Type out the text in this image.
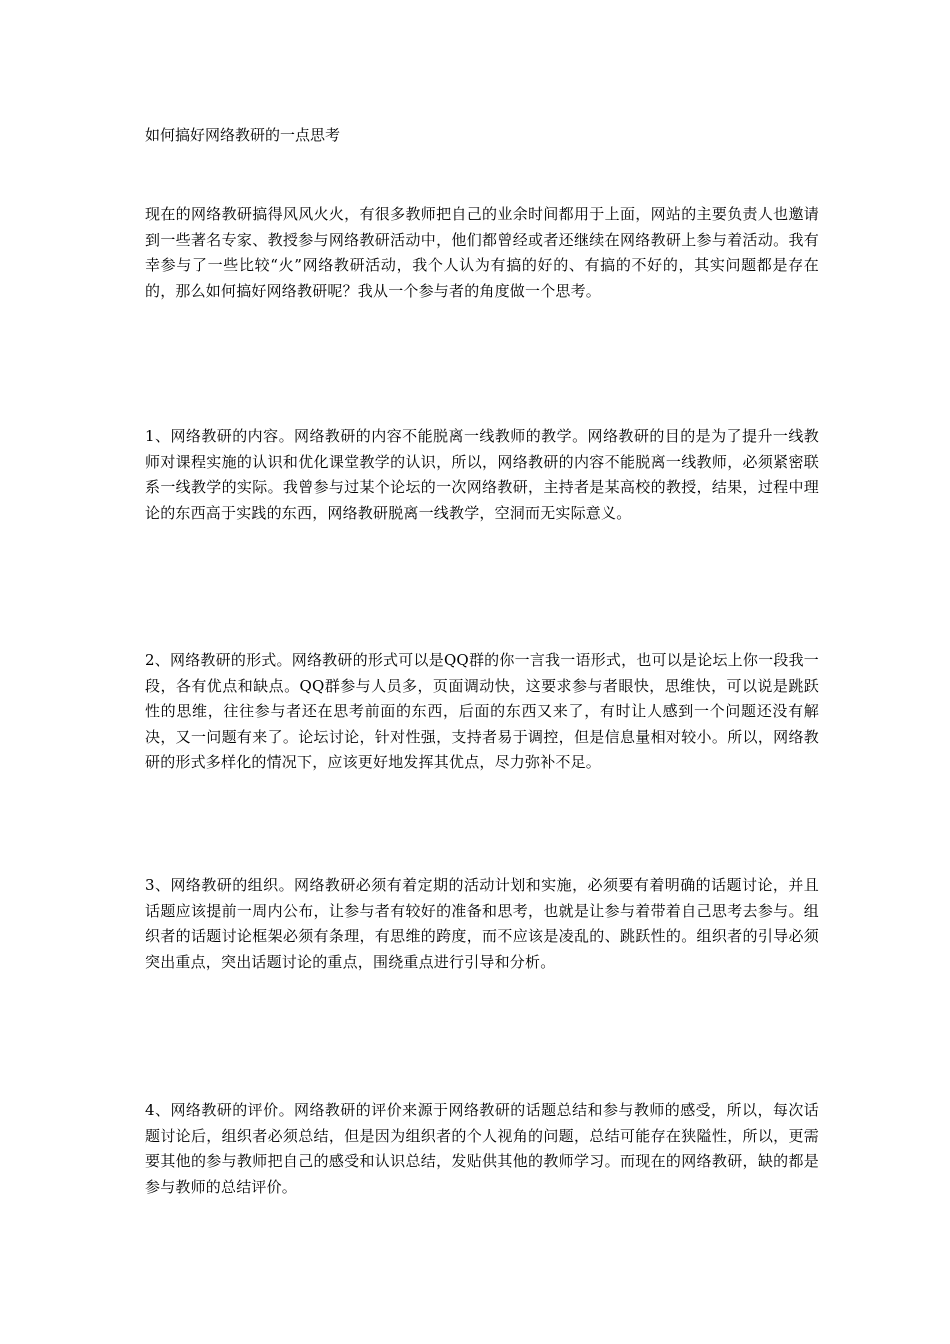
如何搞好网络教研的一点思考

现在的网络教研搞得风风火火，有很多教师把自己的业余时间都用于上面，网站的主要负责人也邀请到一些著名专家、教授参与网络教研活动中，他们都曾经或者还继续在网络教研上参与着活动。我有幸参与了一些比较“火”网络教研活动，我个人认为有搞的好的、有搞的不好的，其实问题都是存在的，那么如何搞好网络教研呢？我从一个参与者的角度做一个思考。

1、网络教研的内容。网络教研的内容不能脱离一线教师的教学。网络教研的目的是为了提升一线教师对课程实施的认识和优化课堂教学的认识，所以，网络教研的内容不能脱离一线教师，必须紧密联系一线教学的实际。我曾参与过某个论坛的一次网络教研，主持者是某高校的教授，结果，过程中理论的东西高于实践的东西，网络教研脱离一线教学，空洞而无实际意义。

2、网络教研的形式。网络教研的形式可以是QQ群的你一言我一语形式，也可以是论坛上你一段我一段，各有优点和缺点。QQ群参与人员多，页面调动快，这要求参与者眼快，思维快，可以说是跳跃性的思维，往往参与者还在思考前面的东西，后面的东西又来了，有时让人感到一个问题还没有解决，又一问题有来了。论坛讨论，针对性强，支持者易于调控，但是信息量相对较小。所以，网络教研的形式多样化的情况下，应该更好地发挥其优点，尽力弥补不足。

3、网络教研的组织。网络教研必须有着定期的活动计划和实施，必须要有着明确的话题讨论，并且话题应该提前一周内公布，让参与者有较好的准备和思考，也就是让参与着带着自己思考去参与。组织者的话题讨论框架必须有条理，有思维的跨度，而不应该是凌乱的、跳跃性的。组织者的引导必须突出重点，突出话题讨论的重点，围绕重点进行引导和分析。

4、网络教研的评价。网络教研的评价来源于网络教研的话题总结和参与教师的感受，所以，每次话题讨论后，组织者必须总结，但是因为组织者的个人视角的问题，总结可能存在狭隘性，所以，更需要其他的参与教师把自己的感受和认识总结，发贴供其他的教师学习。而现在的网络教研，缺的都是参与教师的总结评价。
